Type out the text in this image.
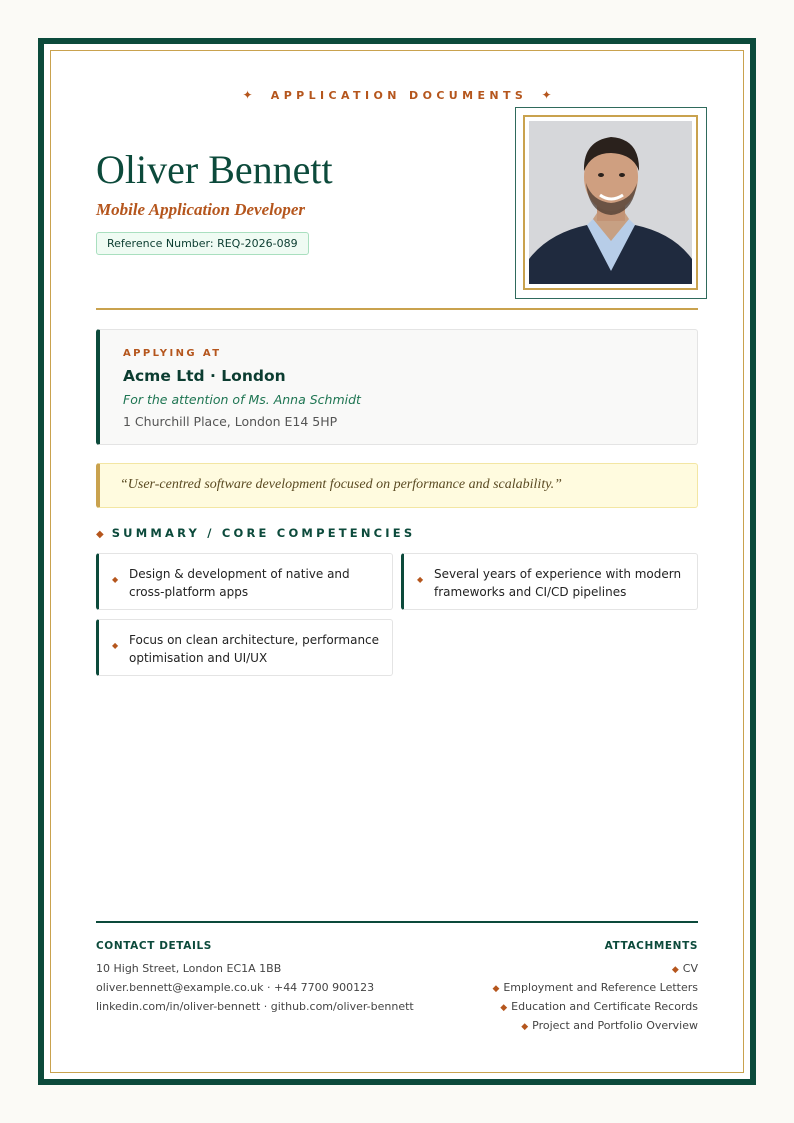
✦ APPLICATION DOCUMENTS ✦
Oliver Bennett
Mobile Application Developer
Reference Number: REQ-2026-089
APPLYING AT
Acme Ltd · London
For the attention of Ms. Anna Schmidt
1 Churchill Place, London E14 5HP
“User-centred software development focused on performance and scalability.”
◆ SUMMARY / CORE COMPETENCIES
◆ Design & development of native and cross-platform apps
◆ Several years of experience with modern frameworks and CI/CD pipelines
◆ Focus on clean architecture, performance optimisation and UI/UX
CONTACT DETAILS
10 High Street, London EC1A 1BB
oliver.bennett@example.co.uk · +44 7700 900123
linkedin.com/in/oliver-bennett · github.com/oliver-bennett
ATTACHMENTS
◆ CV
◆ Employment and Reference Letters
◆ Education and Certificate Records
◆ Project and Portfolio Overview
